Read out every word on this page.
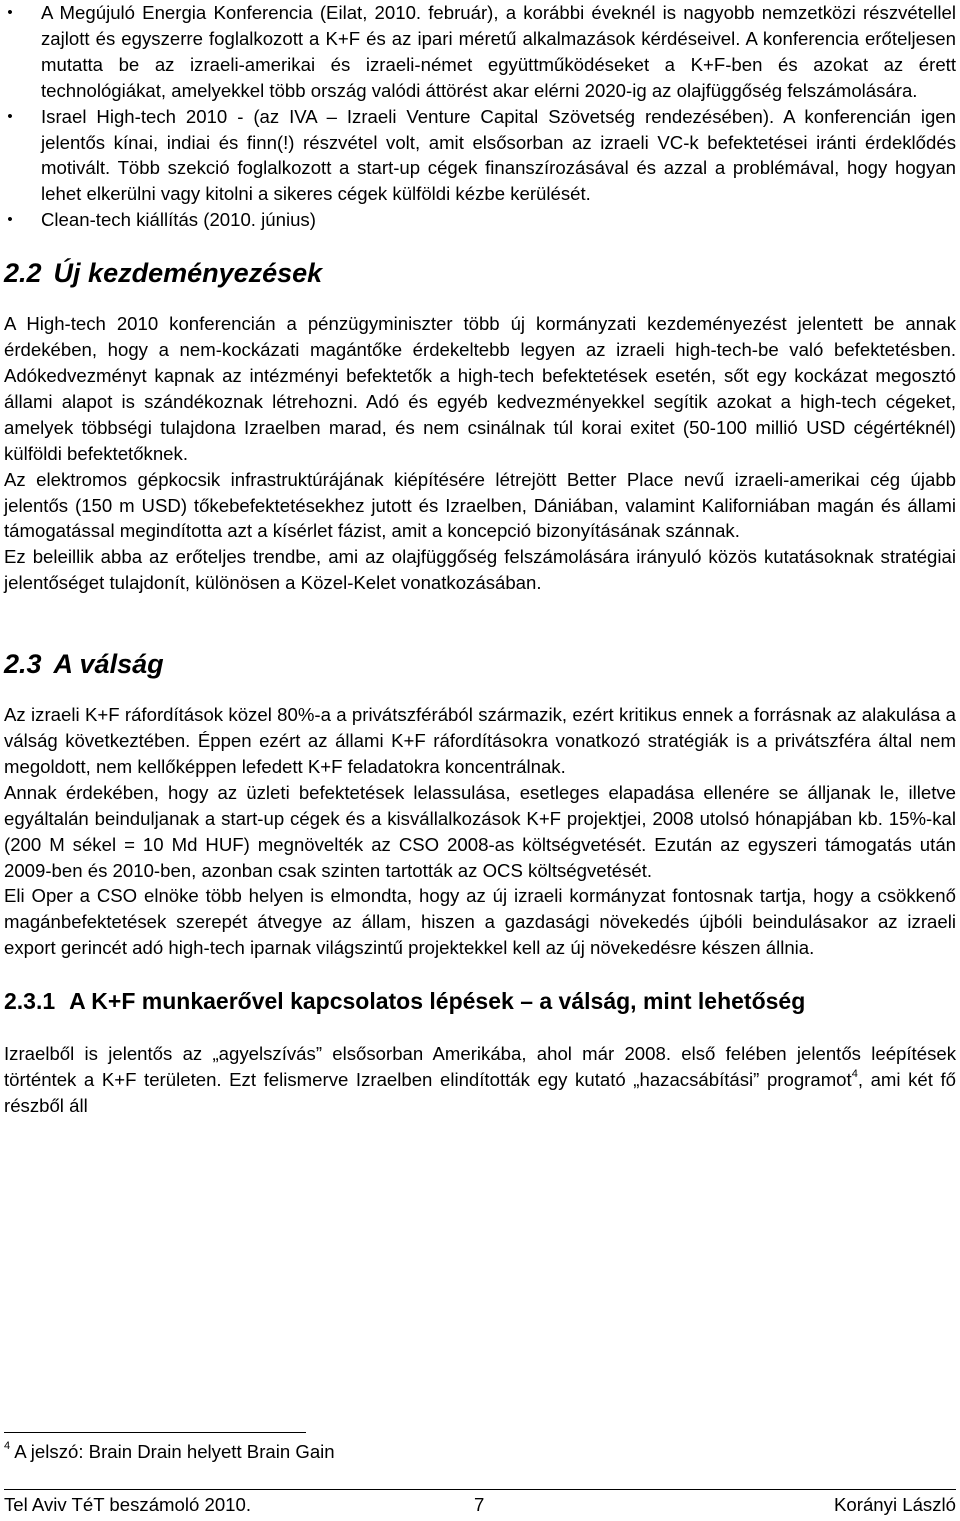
• A Megújuló Energia Konferencia (Eilat, 2010. február), a korábbi éveknél is nagyobb nemzetközi részvétellel zajlott és egyszerre foglalkozott a K+F és az ipari méretű alkalmazások kérdéseivel. A konferencia erőteljesen mutatta be az izraeli-amerikai és izraeli-német együttműködéseket a K+F-ben és azokat az érett technológiákat, amelyekkel több ország valódi áttörést akar elérni 2020-ig az olajfüggőség felszámolására.
• Israel High-tech 2010 - (az IVA – Izraeli Venture Capital Szövetség rendezésében). A konferencián igen jelentős kínai, indiai és finn(!) részvétel volt, amit elsősorban az izraeli VC-k befektetései iránti érdeklődés motivált. Több szekció foglalkozott a start-up cégek finanszírozásával és azzal a problémával, hogy hogyan lehet elkerülni vagy kitolni a sikeres cégek külföldi kézbe kerülését.
• Clean-tech kiállítás (2010. június)
2.2 Új kezdeményezések

A High-tech 2010 konferencián a pénzügyminiszter több új kormányzati kezdeményezést jelentett be annak érdekében, hogy a nem-kockázati magántőke érdekeltebb legyen az izraeli high-tech-be való befektetésben. Adókedvezményt kapnak az intézményi befektetők a high-tech befektetések esetén, sőt egy kockázat megosztó állami alapot is szándékoznak létrehozni. Adó és egyéb kedvezményekkel segítik azokat a high-tech cégeket, amelyek többségi tulajdona Izraelben marad, és nem csinálnak túl korai exitet (50-100 millió USD cégértéknél) külföldi befektetőknek.

Az elektromos gépkocsik infrastruktúrájának kiépítésére létrejött Better Place nevű izraeli-amerikai cég újabb jelentős (150 m USD) tőkebefektetésekhez jutott és Izraelben, Dániában, valamint Kaliforniában magán és állami támogatással megindította azt a kísérlet fázist, amit a koncepció bizonyításának szánnak.

Ez beleillik abba az erőteljes trendbe, ami az olajfüggőség felszámolására irányuló közös kutatásoknak stratégiai jelentőséget tulajdonít, különösen a Közel-Kelet vonatkozásában.

2.3 A válság

Az izraeli K+F ráfordítások közel 80%-a a privátszférából származik, ezért kritikus ennek a forrásnak az alakulása a válság következtében. Éppen ezért az állami K+F ráfordításokra vonatkozó stratégiák is a privátszféra által nem megoldott, nem kellőképpen lefedett K+F feladatokra koncentrálnak.

Annak érdekében, hogy az üzleti befektetések lelassulása, esetleges elapadása ellenére se álljanak le, illetve egyáltalán beinduljanak a start-up cégek és a kisvállalkozások K+F projektjei, 2008 utolsó hónapjában kb. 15%-kal (200 M sékel = 10 Md HUF) megnövelték az CSO 2008-as költségvetését. Ezután az egyszeri támogatás után 2009-ben és 2010-ben, azonban csak szinten tartották az OCS költségvetését.

Eli Oper a CSO elnöke több helyen is elmondta, hogy az új izraeli kormányzat fontosnak tartja, hogy a csökkenő magánbefektetések szerepét átvegye az állam, hiszen a gazdasági növekedés újbóli beindulásakor az izraeli export gerincét adó high-tech iparnak világszintű projektekkel kell az új növekedésre készen állnia.

2.3.1 A K+F munkaerővel kapcsolatos lépések – a válság, mint lehetőség

Izraelből is jelentős az „agyelszívás” elsősorban Amerikába, ahol már 2008. első felében jelentős leépítések történtek a K+F területen. Ezt felismerve Izraelben elindították egy kutató „hazacsábítási” programot$^4$, ami két fő részből áll

$^4$ A jelszó: Brain Drain helyett Brain Gain
Tel Aviv TéT beszámoló 2010.	7	Korányi László
